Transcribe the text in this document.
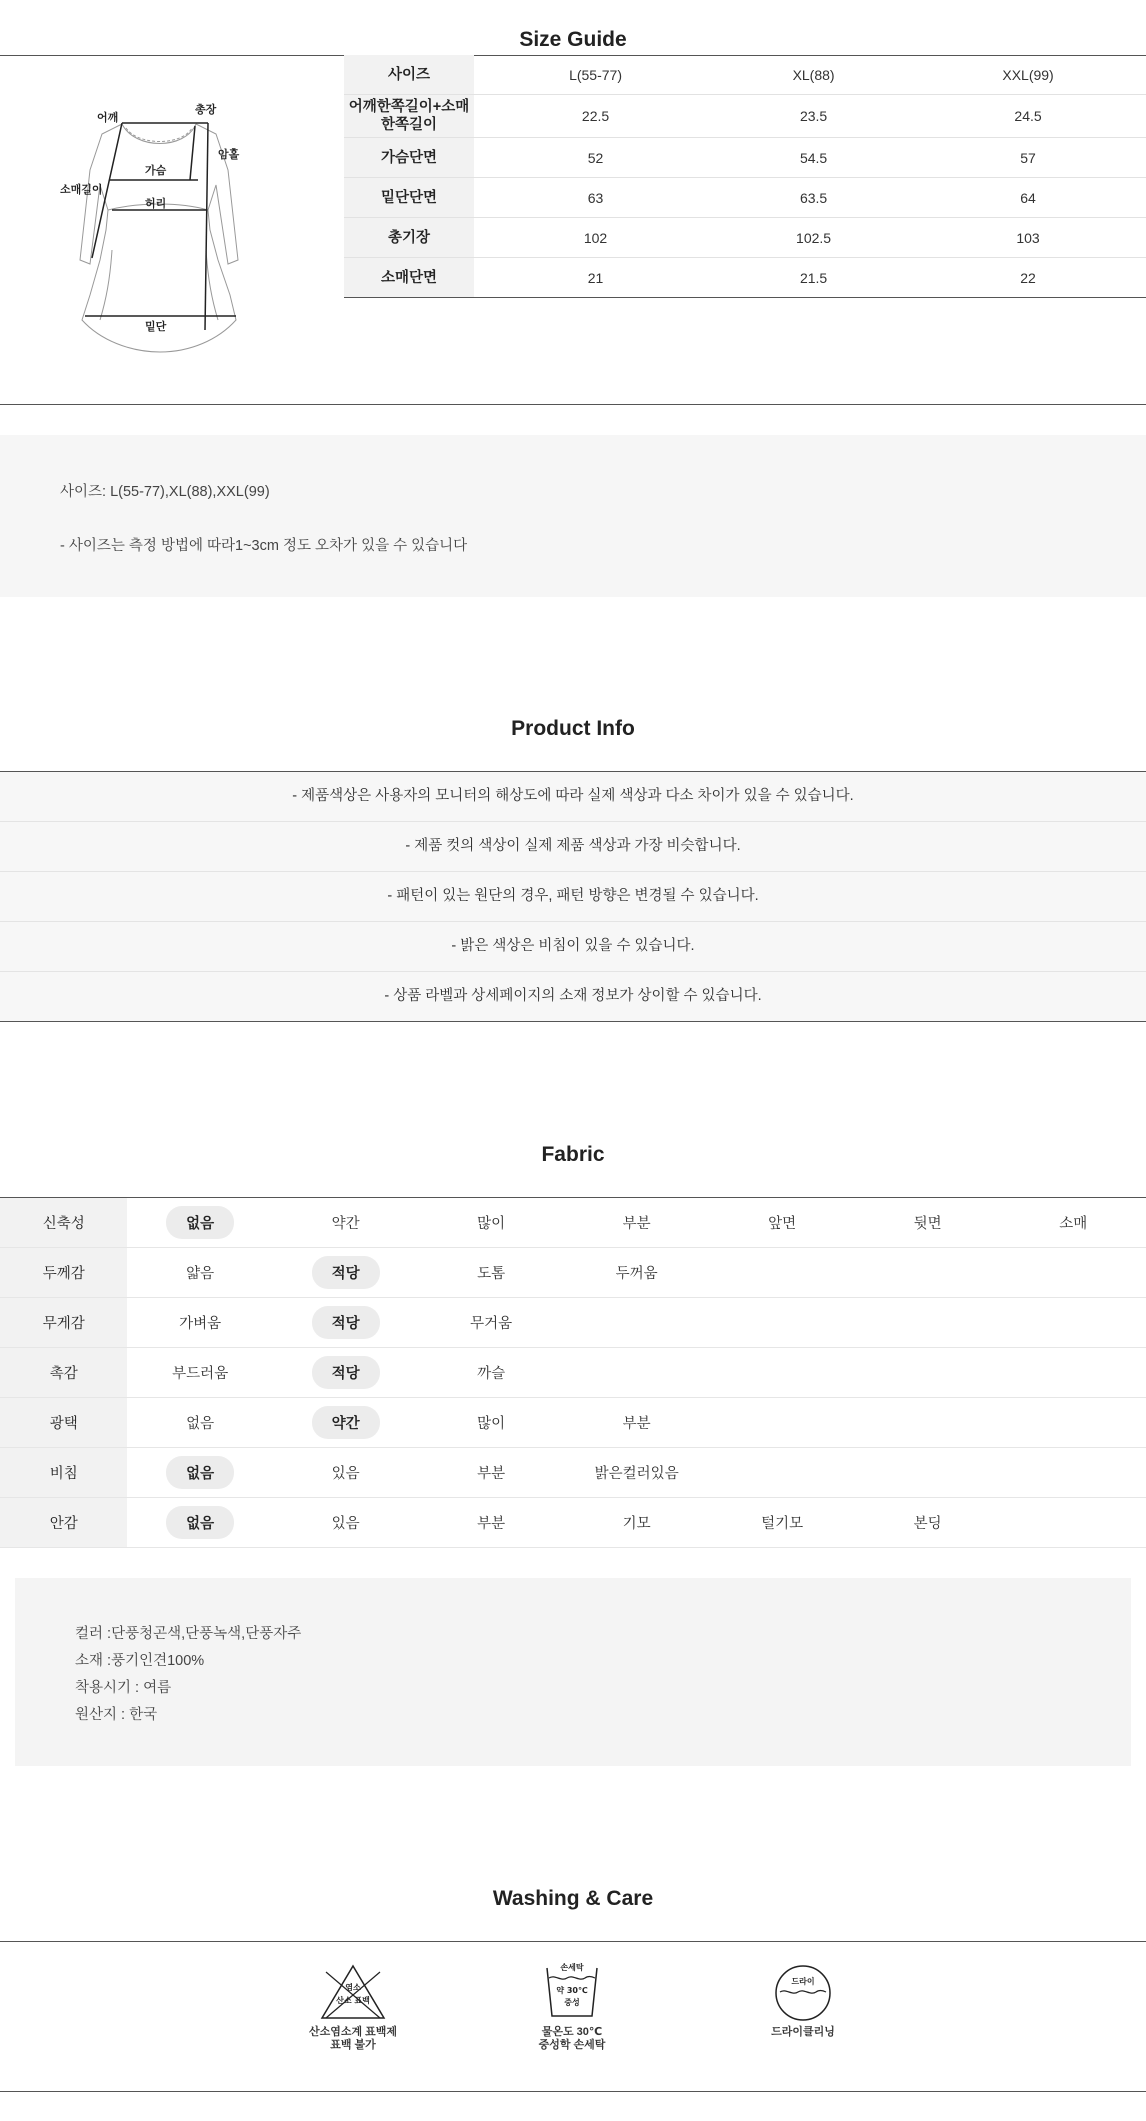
Size Guide
어깨
총장
암홀
가슴
소매길이
허리
밑단
사이즈	L(55-77)	XL(88)	XXL(99)
어깨한쪽길이+소매
한쪽길이	22.5	23.5	24.5
가슴단면	52	54.5	57
밑단단면	63	63.5	64
총기장	102	102.5	103
소매단면	21	21.5	22

사이즈: L(55-77),XL(88),XXL(99)

- 사이즈는 측정 방법에 따라1~3cm 정도 오차가 있을 수 있습니다

Product Info
- 제품색상은 사용자의 모니터의 해상도에 따라 실제 색상과 다소 차이가 있을 수 있습니다.
- 제품 컷의 색상이 실제 제품 색상과 가장 비슷합니다.
- 패턴이 있는 원단의 경우, 패턴 방향은 변경될 수 있습니다.
- 밝은 색상은 비침이 있을 수 있습니다.
- 상품 라벨과 상세페이지의 소재 정보가 상이할 수 있습니다.
Fabric
신축성	없음	약간	많이	부분	앞면	뒷면	소매
두께감	얇음	적당	도톰	두꺼움			
무게감	가벼움	적당	무거움				
촉감	부드러움	적당	까슬				
광택	없음	약간	많이	부분			
비침	없음	있음	부분	밝은컬러있음			
안감	없음	있음	부분	기모	털기모	본딩	

컬러 :단풍청곤색,단풍녹색,단풍자주

소재 :풍기인견100%

착용시기 : 여름

원산지 : 한국

Washing & Care
염소
산소 표백
산소염소계 표백제
표백 불가
손세탁
약 30℃
중성
물온도 30℃
중성학 손세탁
드라이
드라이클리닝
